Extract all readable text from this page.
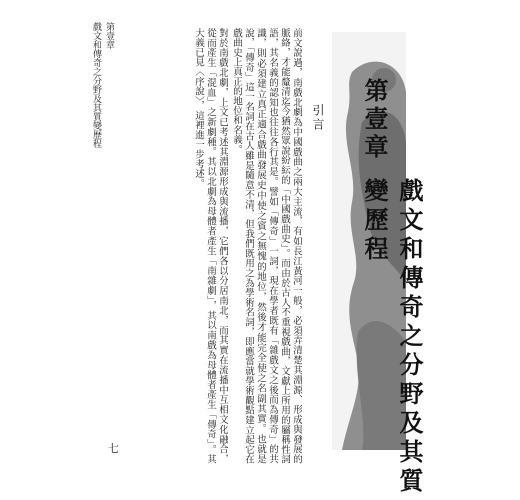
第壹章
戲文和傳奇之分野及其質變歷程
七	前文說過，南戲北劇為中國戲曲之兩大主流，有如長江黃河一般，必須弄清楚其淵源、形成與發展的脈絡，才能釐清迄今猶然眾說紛紜的「中國戲曲史」。而由於古人不重視戲曲，文獻上所用的屬稱性詞語，其名義的認知也往往各行其是。譬如「傳奇」一詞，現在學者既有「雜戲文之後而為傳奇」的共識，則必須建立真正適合戲曲發展史中使之賓之無愧的地位，然後才能完全使之名副其實。也就是說，「傳奇」這一名詞在古人雖是隨意不清，但我們既用之為學術名詞，即應當就學術觀點建立起它在戲曲史上真正的地位和名義。

對於南戲北劇，上文已考述其淵源形成與流播，它們各以分居南北，而其實在流播中互相文化融合，從而產生「混血」之新劇種。其以北劇為母體者產生「南雜劇」，其以南戲為母體者產生「傳奇」。其大義已見〈序說〉，這裡進一步考述。	引言 第壹章
戲文和傳奇之分野及其質變歷程
